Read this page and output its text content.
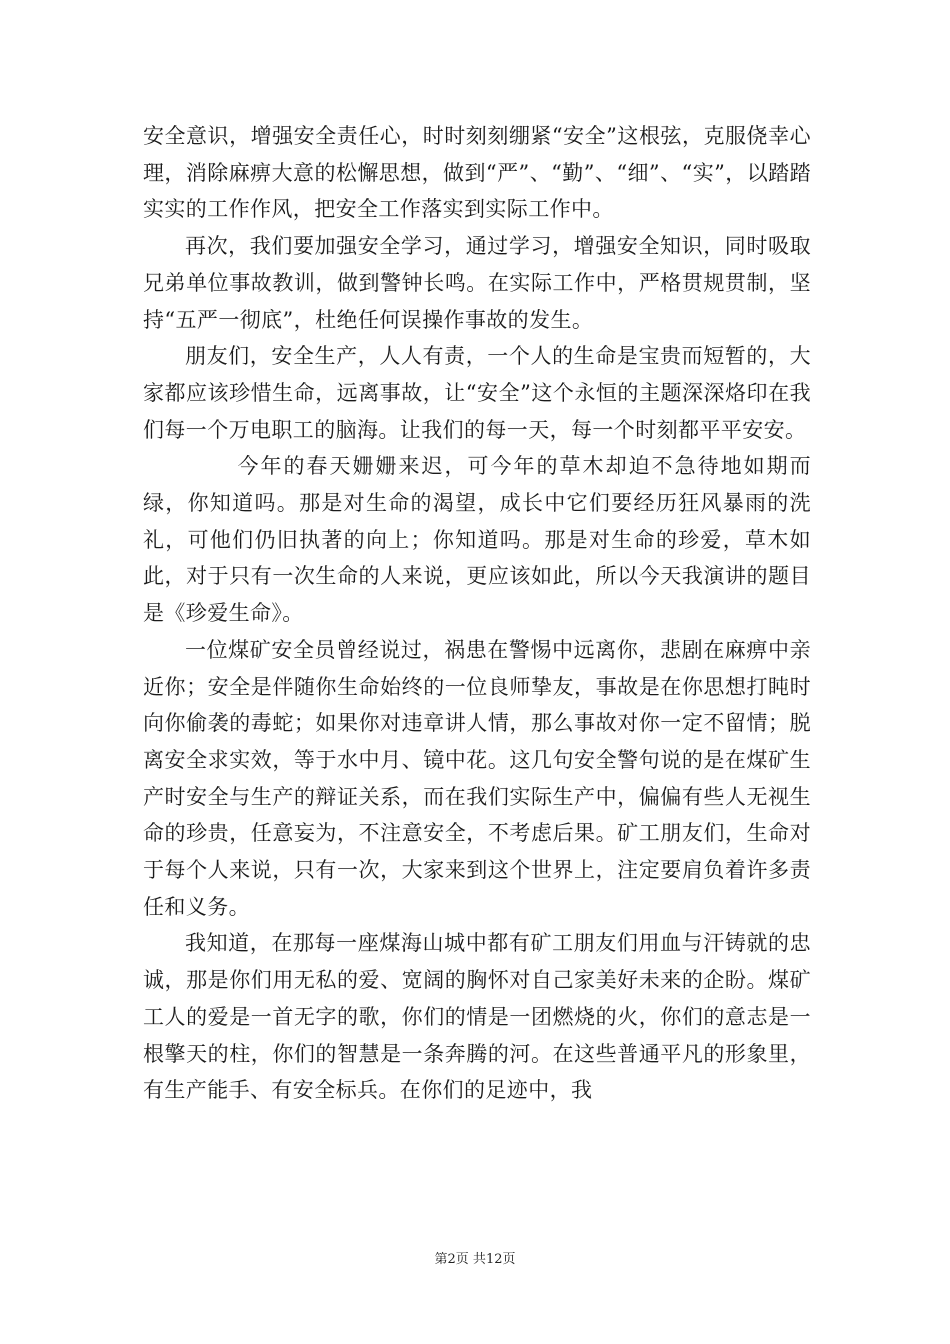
安全意识，增强安全责任心，时时刻刻绷紧“安全”这根弦，克服侥幸心理，消除麻痹大意的松懈思想，做到“严”、“勤”、“细”、“实”，以踏踏实实的工作作风，把安全工作落实到实际工作中。

再次，我们要加强安全学习，通过学习，增强安全知识，同时吸取兄弟单位事故教训，做到警钟长鸣。在实际工作中，严格贯规贯制，坚持“五严一彻底”，杜绝任何误操作事故的发生。

朋友们，安全生产，人人有责，一个人的生命是宝贵而短暂的，大家都应该珍惜生命，远离事故，让“安全”这个永恒的主题深深烙印在我们每一个万电职工的脑海。让我们的每一天，每一个时刻都平平安安。

今年的春天姗姗来迟，可今年的草木却迫不急待地如期而绿，你知道吗。那是对生命的渴望，成长中它们要经历狂风暴雨的洗礼，可他们仍旧执著的向上；你知道吗。那是对生命的珍爱，草木如此，对于只有一次生命的人来说，更应该如此，所以今天我演讲的题目是《珍爱生命》。

一位煤矿安全员曾经说过，祸患在警惕中远离你，悲剧在麻痹中亲近你；安全是伴随你生命始终的一位良师挚友，事故是在你思想打盹时向你偷袭的毒蛇；如果你对违章讲人情，那么事故对你一定不留情；脱离安全求实效，等于水中月、镜中花。这几句安全警句说的是在煤矿生产时安全与生产的辩证关系，而在我们实际生产中，偏偏有些人无视生命的珍贵，任意妄为，不注意安全，不考虑后果。矿工朋友们，生命对于每个人来说，只有一次，大家来到这个世界上，注定要肩负着许多责任和义务。

我知道，在那每一座煤海山城中都有矿工朋友们用血与汗铸就的忠诚，那是你们用无私的爱、宽阔的胸怀对自己家美好未来的企盼。煤矿工人的爱是一首无字的歌，你们的情是一团燃烧的火，你们的意志是一根擎天的柱，你们的智慧是一条奔腾的河。在这些普通平凡的形象里，有生产能手、有安全标兵。在你们的足迹中，我

第2页 共12页
